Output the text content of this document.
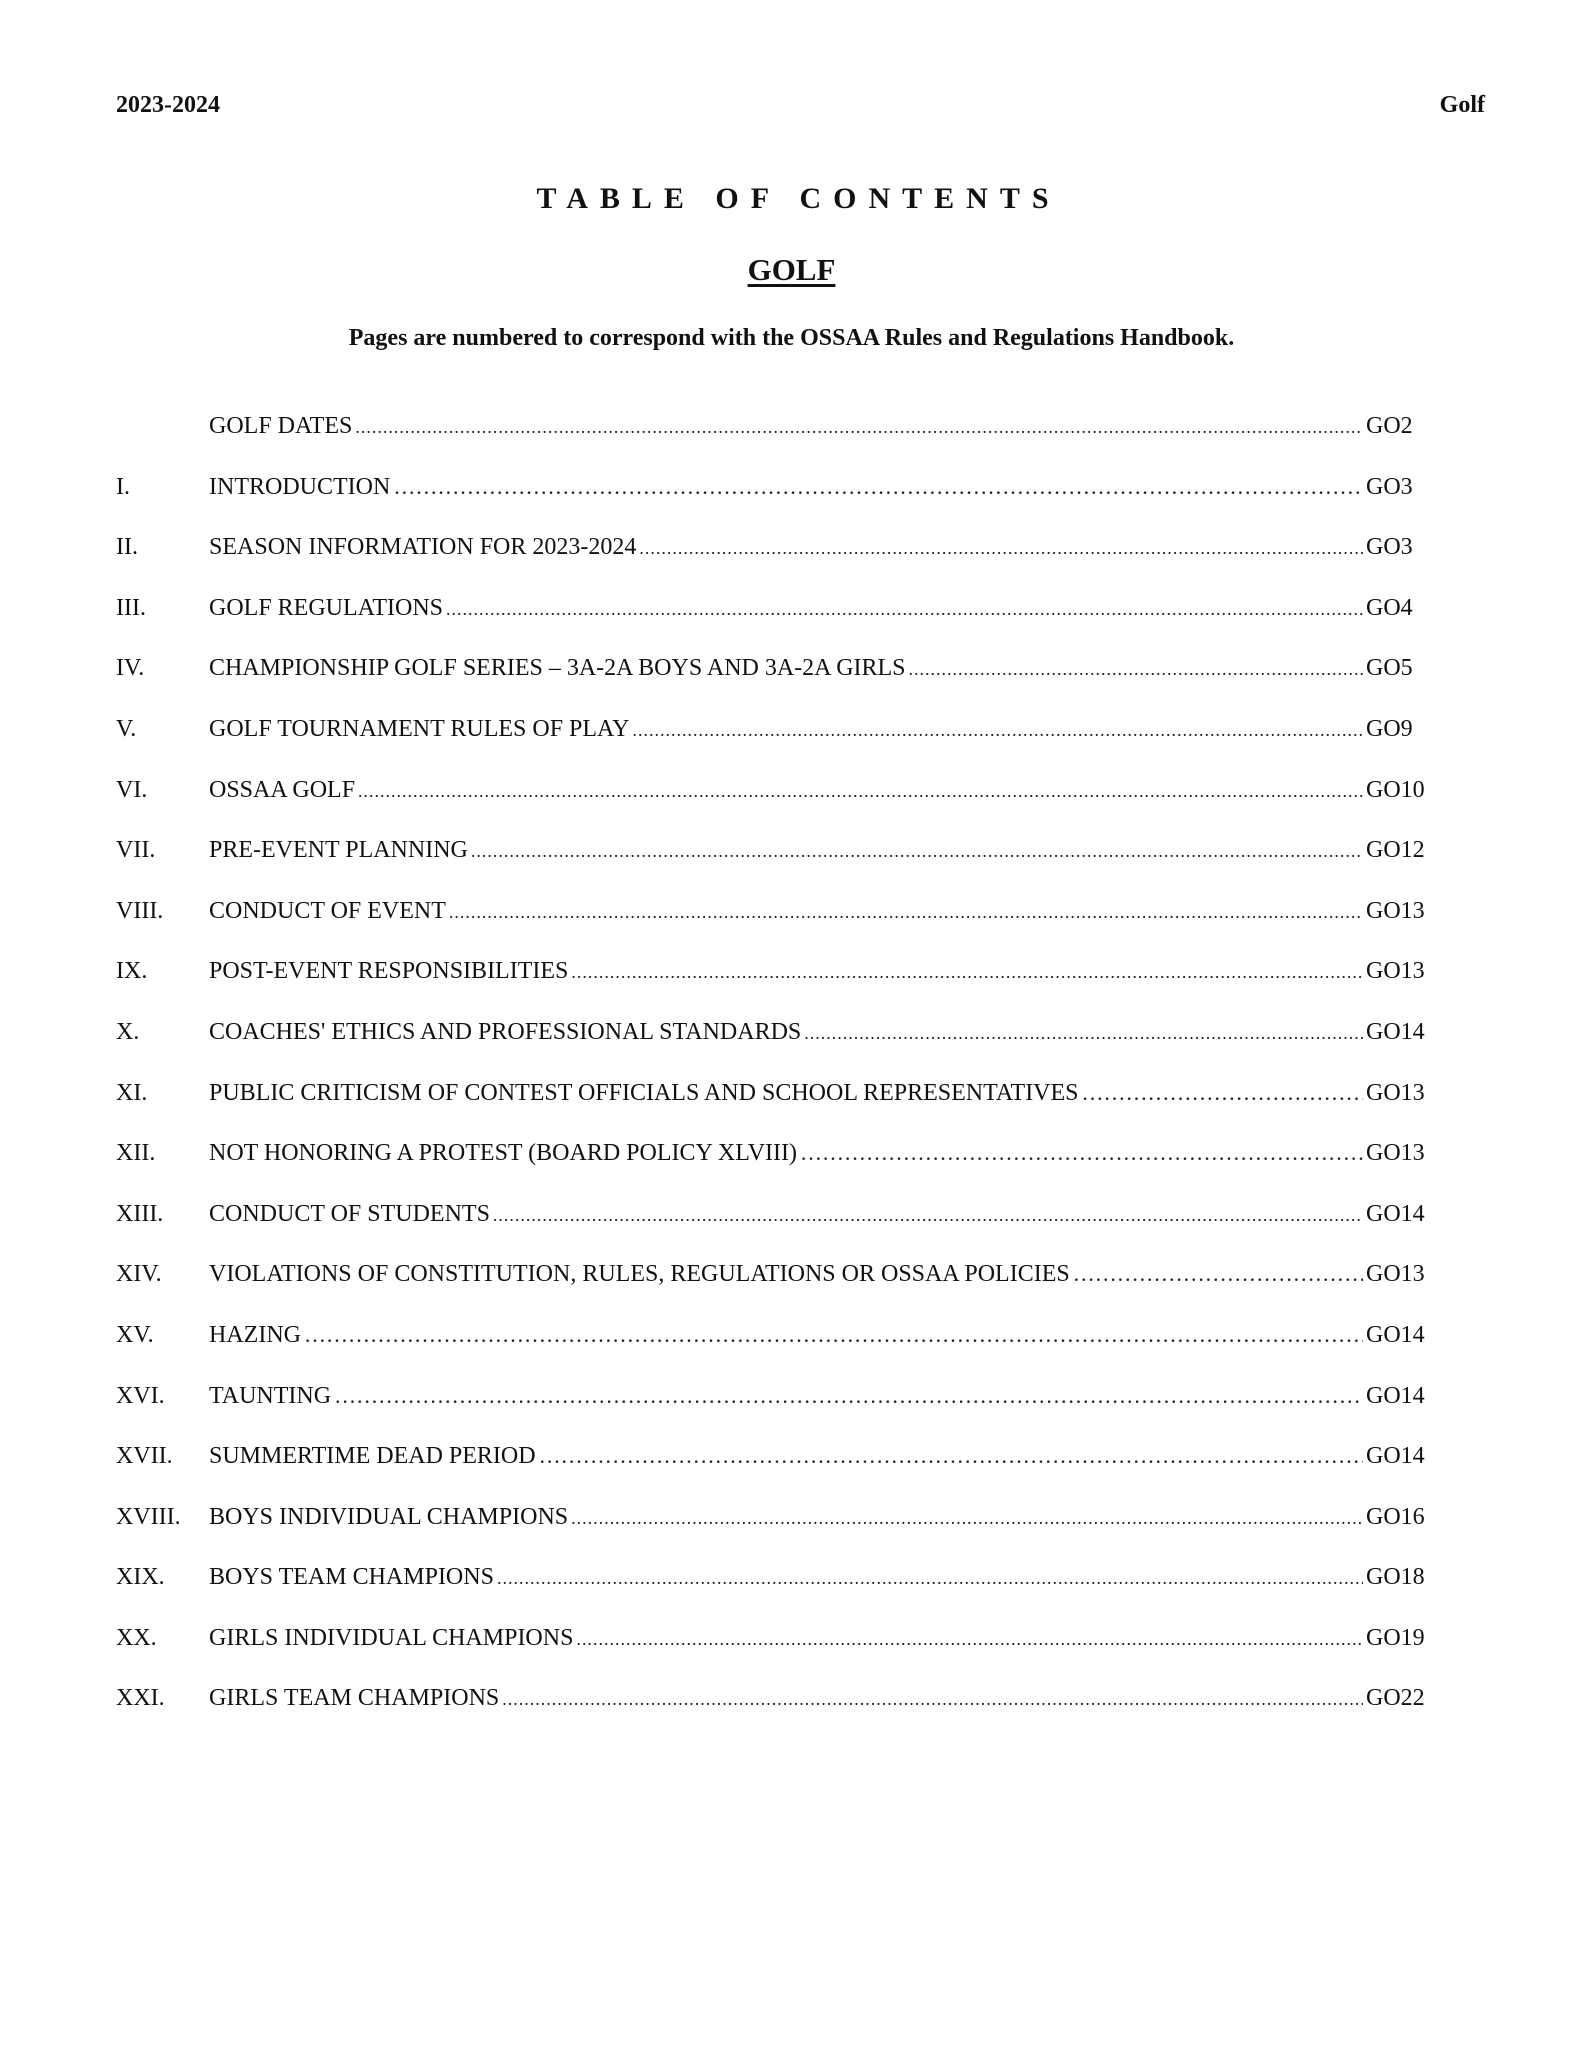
2023-2024	Golf
TABLE OF CONTENTS
GOLF
Pages are numbered to correspond with the OSSAA Rules and Regulations Handbook.
GOLF DATES .....	GO2
I.	INTRODUCTION ………………………………………………………………………………………………………………………………………………………………………………………………………………	GO3
II.	SEASON INFORMATION FOR 2023-2024 .....	GO3
III.	GOLF REGULATIONS .....	GO4
IV.	CHAMPIONSHIP GOLF SERIES – 3A-2A BOYS AND 3A-2A GIRLS .....	GO5
V.	GOLF TOURNAMENT RULES OF PLAY .....	GO9
VI.	OSSAA GOLF .....	GO10
VII.	PRE-EVENT PLANNING .....	GO12
VIII.	CONDUCT OF EVENT .....	GO13
IX.	POST-EVENT RESPONSIBILITIES .....	GO13
X.	COACHES' ETHICS AND PROFESSIONAL STANDARDS .....	GO14
XI.	PUBLIC CRITICISM OF CONTEST OFFICIALS AND SCHOOL REPRESENTATIVES ………………………………………………………………………………………………………………………………………………………………………………………………………………	GO13
XII.	NOT HONORING A PROTEST (BOARD POLICY XLVIII) ………………………………………………………………………………………………………………………………………………………………………………………………………………	GO13
XIII.	CONDUCT OF STUDENTS .....	GO14
XIV.	VIOLATIONS OF CONSTITUTION, RULES, REGULATIONS OR OSSAA POLICIES ………………………………………………………………………………………………………………………………………………………………………………………………………………	GO13
XV.	HAZING ………………………………………………………………………………………………………………………………………………………………………………………………………………	GO14
XVI.	TAUNTING ………………………………………………………………………………………………………………………………………………………………………………………………………………	GO14
XVII.	SUMMERTIME DEAD PERIOD ………………………………………………………………………………………………………………………………………………………………………………………………………………	GO14
XVIII.	BOYS INDIVIDUAL CHAMPIONS .....	GO16
XIX.	BOYS TEAM CHAMPIONS .....	GO18
XX.	GIRLS INDIVIDUAL CHAMPIONS .....	GO19
XXI.	GIRLS TEAM CHAMPIONS .....	GO22
